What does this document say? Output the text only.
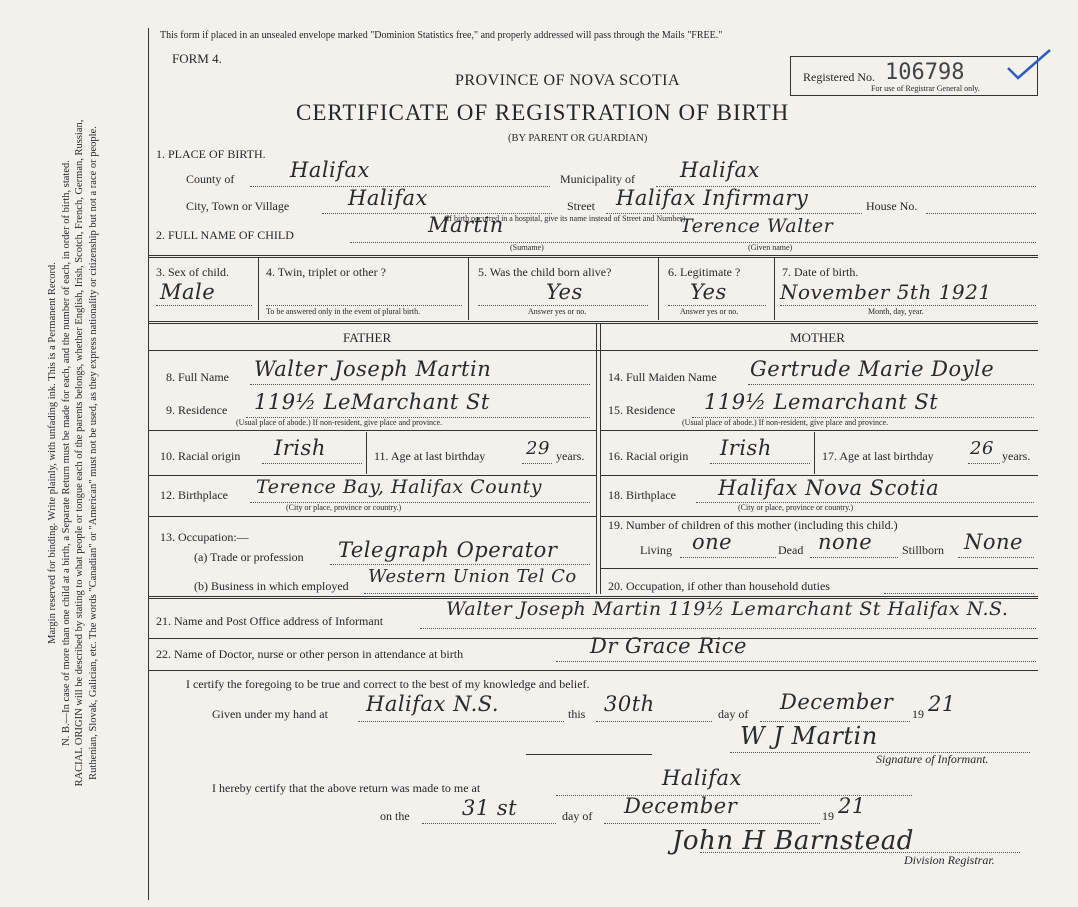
Margin reserved for binding. Write plainly, with unfading ink. This is a Permanent Record. N. B.—In case of more than one child at a birth, a Separate Return must be made for each, and the number of each, in order of birth, stated. RACIAL ORIGIN will be described by stating to what people or tongue each of the parents belongs, whether English, Irish, Scotch, French, German, Russian, Ruthenian, Slovak, Galician, etc. The words "Canadian" or "American" must not be used, as they express nationality or citizenship but not a race or people.
This form if placed in an unsealed envelope marked "Dominion Statistics free," and properly addressed will pass through the Mails "FREE."
FORM 4.
PROVINCE OF NOVA SCOTIA
CERTIFICATE OF REGISTRATION OF BIRTH
(BY PARENT OR GUARDIAN)
Registered No. 106798
For use of Registrar General only.
1. PLACE OF BIRTH.
County of	Halifax	Municipality of Halifax
City, Town or Village	Halifax	Street Halifax Infirmary	House No.
(If birth occurred in a hospital, give its name instead of Street and Number)
2. FULL NAME OF CHILD	Martin
(Surname)
Terence Walter
(Given name)
3. Sex of child.
Male
4. Twin, triplet or other ?
To be answered only in the event of plural birth.
5. Was the child born alive?
Yes
Answer yes or no.
6. Legitimate ?
Yes
Answer yes or no.
7. Date of birth.
November 5th 1921
Month, day, year.
FATHER	MOTHER
8. Full Name Walter Joseph Martin
9. Residence 119½ LeMarchant St
(Usual place of abode.) If non-resident, give place and province.
10. Racial origin Irish	11. Age at last birthday 29 years.
12. Birthplace Terence Bay, Halifax County
(City or place, province or country.)
13. Occupation:—
(a) Trade or profession Telegraph Operator
(b) Business in which employed Western Union Tel Co
14. Full Maiden Name Gertrude Marie Doyle
15. Residence 119½ Lemarchant St
(Usual place of abode.) If non-resident, give place and province.
16. Racial origin Irish	17. Age at last birthday 26 years.
18. Birthplace Halifax Nova Scotia
(City or place, province or country.)
19. Number of children of this mother (including this child.)
Living one	Dead none Stillborn None
20. Occupation, if other than household duties
21. Name and Post Office address of Informant
Walter Joseph Martin 119½ Lemarchant St Halifax N.S.
22. Name of Doctor, nurse or other person in attendance at birth	Dr Grace Rice
I certify the foregoing to be true and correct to the best of my knowledge and belief.
Given under my hand at Halifax N.S.	this 30th	day of December 19 21
W J Martin
Signature of Informant.
I hereby certify that the above return was made to me at	Halifax
on the 31 st	day of December	19 21
John H Barnstead
Division Registrar.
